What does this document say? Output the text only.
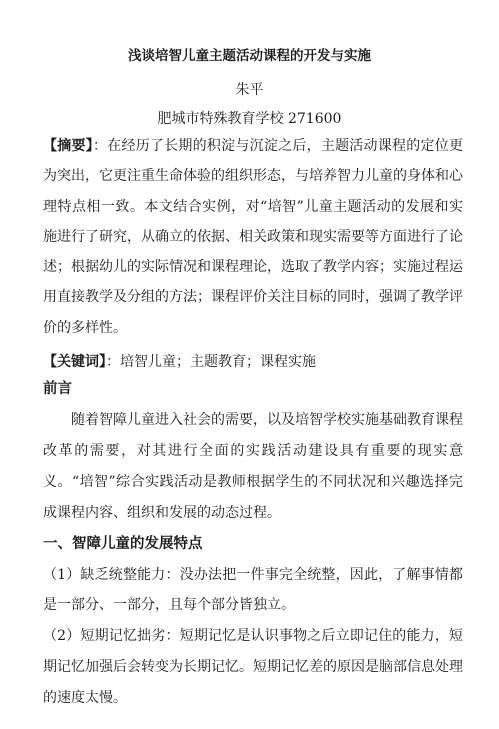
浅谈培智儿童主题活动课程的开发与实施
朱平
肥城市特殊教育学校 271600
【摘要】：在经历了长期的积淀与沉淀之后，主题活动课程的定位更为突出，它更注重生命体验的组织形态，与培养智力儿童的身体和心理特点相一致。本文结合实例，对“培智”儿童主题活动的发展和实施进行了研究，从确立的依据、相关政策和现实需要等方面进行了论述；根据幼儿的实际情况和课程理论，选取了教学内容；实施过程运用直接教学及分组的方法；课程评价关注目标的同时，强调了教学评价的多样性。
【关键词】：培智儿童；主题教育；课程实施
前言
随着智障儿童进入社会的需要，以及培智学校实施基础教育课程改革的需要，对其进行全面的实践活动建设具有重要的现实意义。“培智”综合实践活动是教师根据学生的不同状况和兴趣选择完成课程内容、组织和发展的动态过程。
一、智障儿童的发展特点
（1）缺乏统整能力：没办法把一件事完全统整，因此，了解事情都是一部分、一部分，且每个部分皆独立。
（2）短期记忆拙劣：短期记忆是认识事物之后立即记住的能力，短期记忆加强后会转变为长期记忆。短期记忆差的原因是脑部信息处理的速度太慢。
